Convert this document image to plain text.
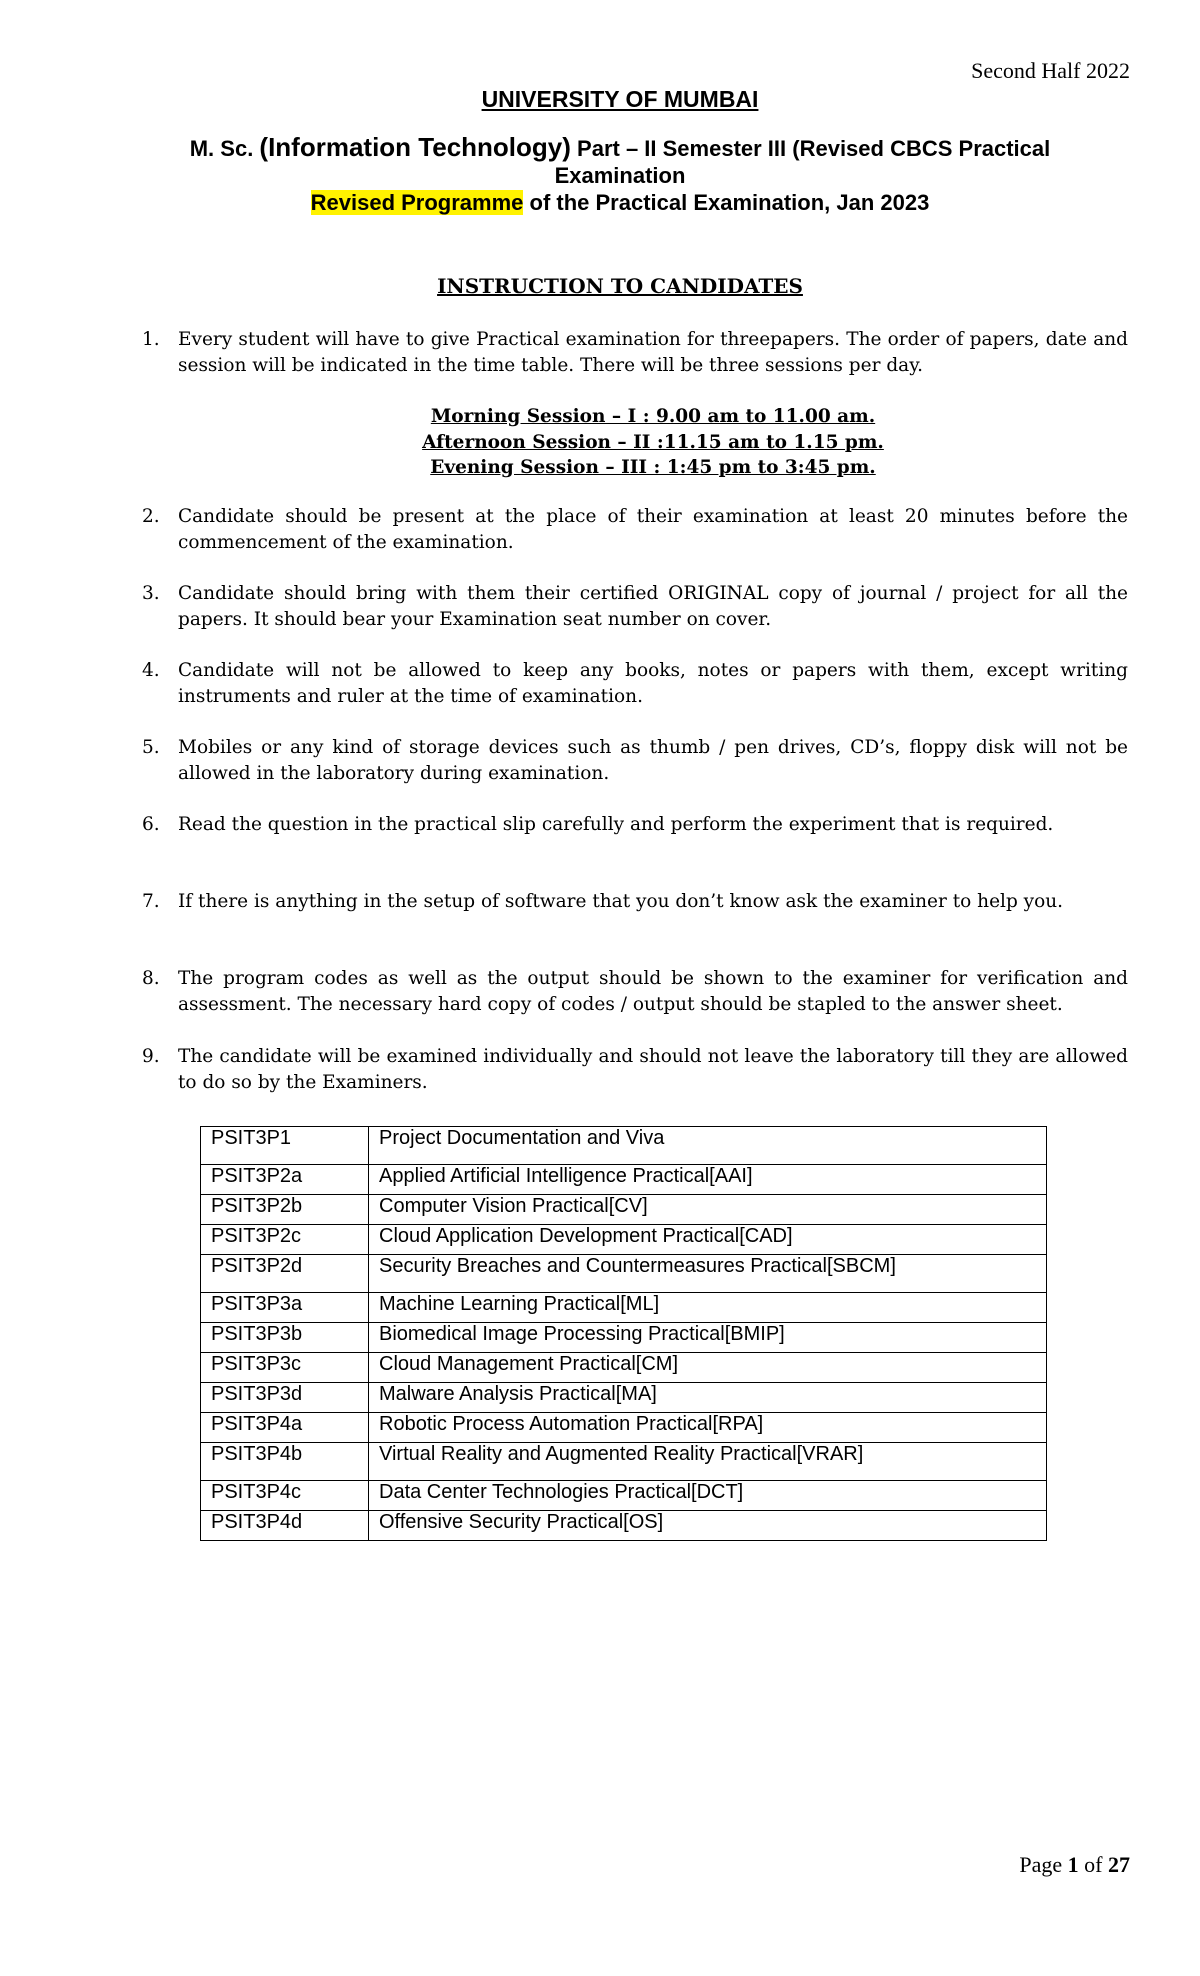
Second Half 2022
UNIVERSITY OF MUMBAI
M. Sc. (Information Technology) Part – II Semester III (Revised CBCS Practical
Examination
Revised Programme of the Practical Examination, Jan 2023
INSTRUCTION TO CANDIDATES
1. Every student will have to give Practical examination for threepapers. The order of papers, date and session will be indicated in the time table. There will be three sessions per day.
Morning Session – I : 9.00 am to 11.00 am.
Afternoon Session – II :11.15 am to 1.15 pm.
Evening Session – III : 1:45 pm to 3:45 pm.
2. Candidate should be present at the place of their examination at least 20 minutes before the commencement of the examination.
3. Candidate should bring with them their certified ORIGINAL copy of journal / project for all the papers. It should bear your Examination seat number on cover.
4. Candidate will not be allowed to keep any books, notes or papers with them, except writing instruments and ruler at the time of examination.
5. Mobiles or any kind of storage devices such as thumb / pen drives, CD’s, floppy disk will not be allowed in the laboratory during examination.
6. Read the question in the practical slip carefully and perform the experiment that is required.
7. If there is anything in the setup of software that you don’t know ask the examiner to help you.
8. The program codes as well as the output should be shown to the examiner for verification and assessment. The necessary hard copy of codes / output should be stapled to the answer sheet.
9. The candidate will be examined individually and should not leave the laboratory till they are allowed to do so by the Examiners.
PSIT3P1	Project Documentation and Viva
PSIT3P2a	Applied Artificial Intelligence Practical[AAI]
PSIT3P2b	Computer Vision Practical[CV]
PSIT3P2c	Cloud Application Development Practical[CAD]
PSIT3P2d	Security Breaches and Countermeasures Practical[SBCM]
PSIT3P3a	Machine Learning Practical[ML]
PSIT3P3b	Biomedical Image Processing Practical[BMIP]
PSIT3P3c	Cloud Management Practical[CM]
PSIT3P3d	Malware Analysis Practical[MA]
PSIT3P4a	Robotic Process Automation Practical[RPA]
PSIT3P4b	Virtual Reality and Augmented Reality Practical[VRAR]
PSIT3P4c	Data Center Technologies Practical[DCT]
PSIT3P4d	Offensive Security Practical[OS]
Page 1 of 27
